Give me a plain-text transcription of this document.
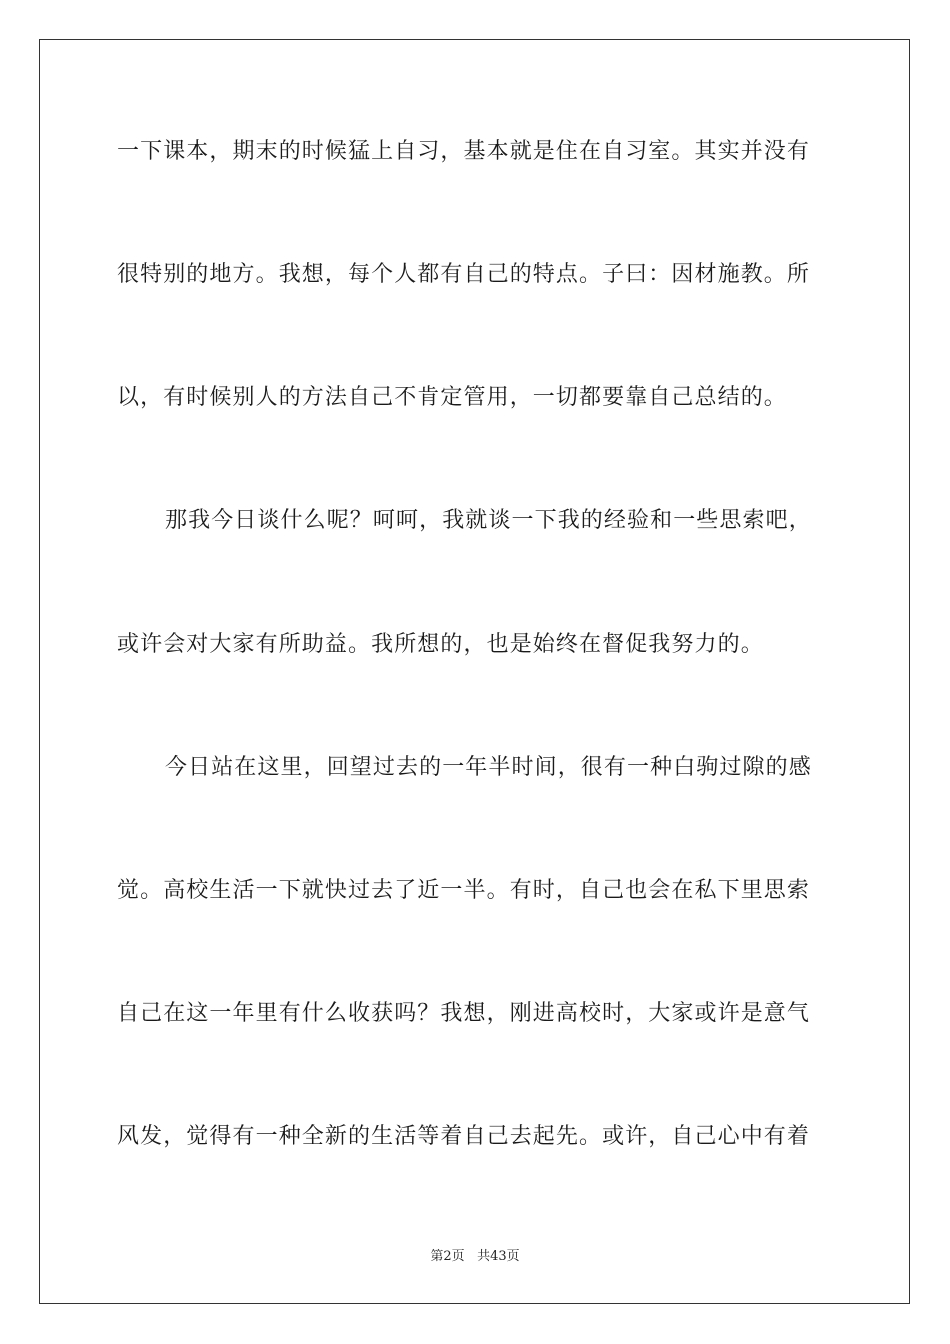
一下课本，期末的时候猛上自习，基本就是住在自习室。其实并没有
很特别的地方。我想，每个人都有自己的特点。子曰：因材施教。所
以，有时候别人的方法自己不肯定管用，一切都要靠自己总结的。
那我今日谈什么呢？呵呵，我就谈一下我的经验和一些思索吧，
或许会对大家有所助益。我所想的，也是始终在督促我努力的。
今日站在这里，回望过去的一年半时间，很有一种白驹过隙的感
觉。高校生活一下就快过去了近一半。有时，自己也会在私下里思索
自己在这一年里有什么收获吗？我想，刚进高校时，大家或许是意气
风发，觉得有一种全新的生活等着自己去起先。或许，自己心中有着
第2页 共43页
